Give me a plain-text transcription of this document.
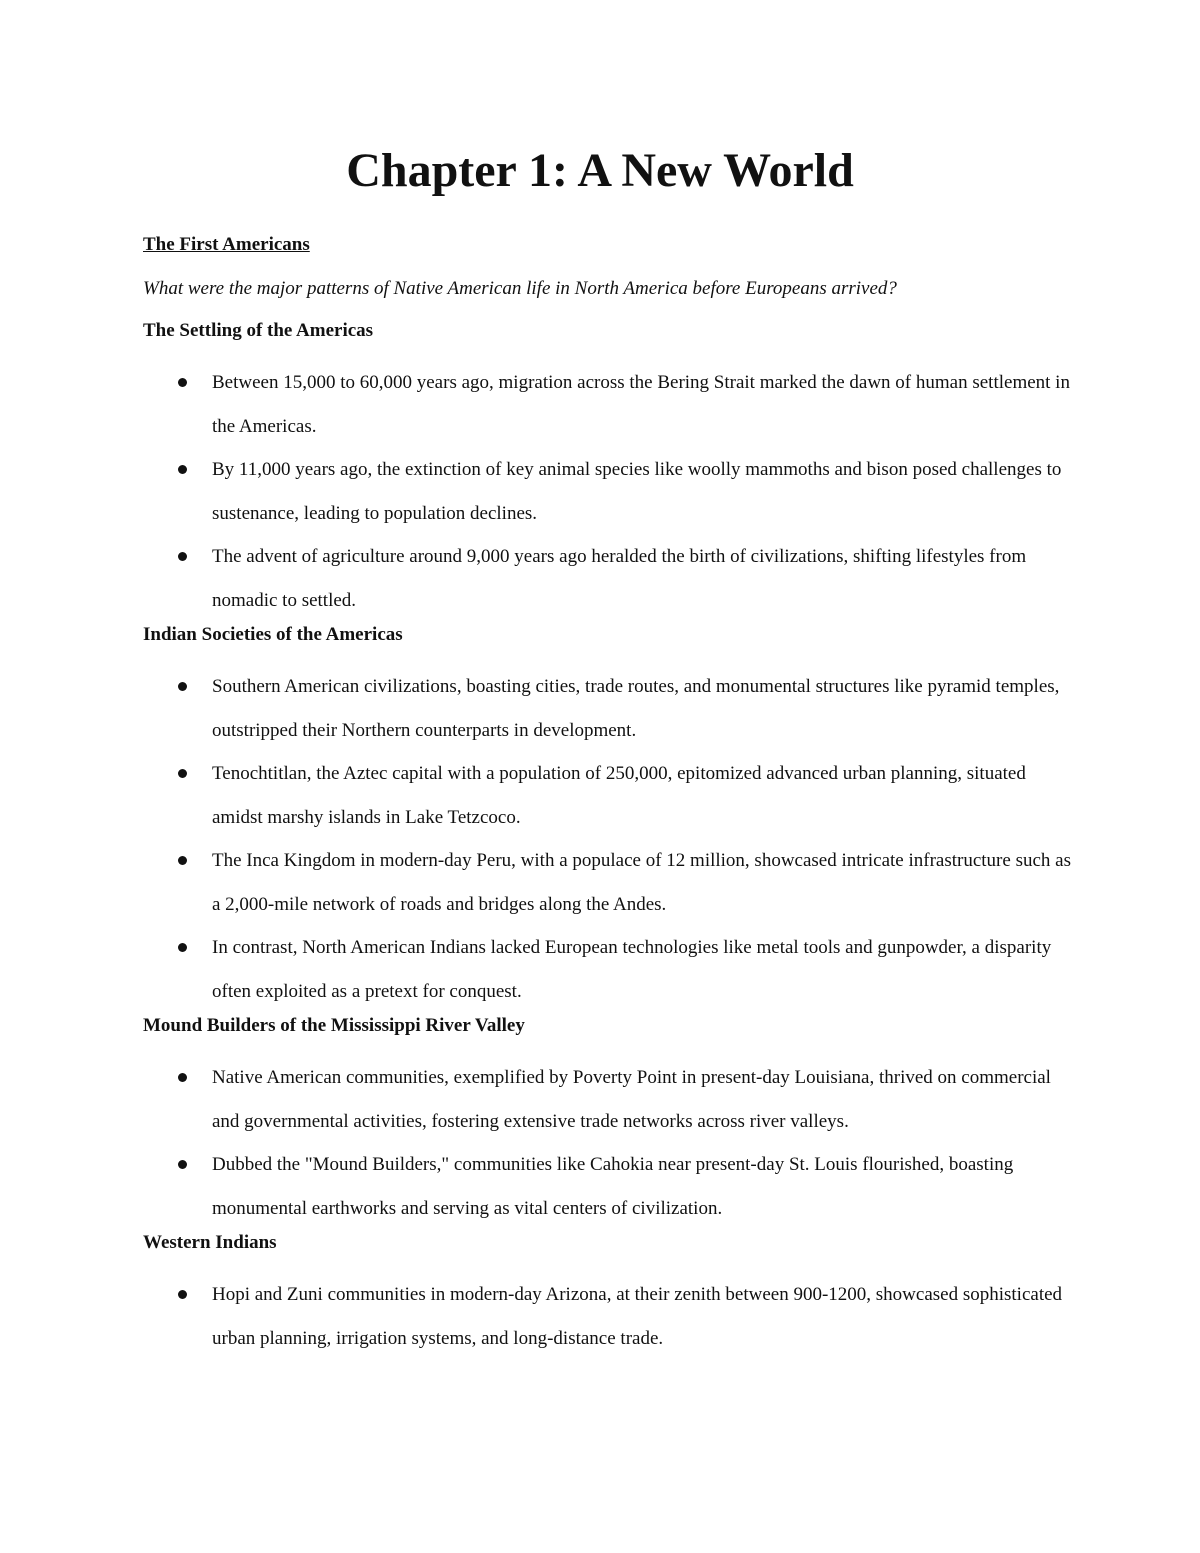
Chapter 1: A New World
The First Americans

What were the major patterns of Native American life in North America before Europeans arrived?

The Settling of the Americas
Between 15,000 to 60,000 years ago, migration across the Bering Strait marked the dawn of human settlement in the Americas.
By 11,000 years ago, the extinction of key animal species like woolly mammoths and bison posed challenges to sustenance, leading to population declines.
The advent of agriculture around 9,000 years ago heralded the birth of civilizations, shifting lifestyles from nomadic to settled.
Indian Societies of the Americas
Southern American civilizations, boasting cities, trade routes, and monumental structures like pyramid temples, outstripped their Northern counterparts in development.
Tenochtitlan, the Aztec capital with a population of 250,000, epitomized advanced urban planning, situated amidst marshy islands in Lake Tetzcoco.
The Inca Kingdom in modern-day Peru, with a populace of 12 million, showcased intricate infrastructure such as a 2,000-mile network of roads and bridges along the Andes.
In contrast, North American Indians lacked European technologies like metal tools and gunpowder, a disparity often exploited as a pretext for conquest.
Mound Builders of the Mississippi River Valley
Native American communities, exemplified by Poverty Point in present-day Louisiana, thrived on commercial and governmental activities, fostering extensive trade networks across river valleys.
Dubbed the "Mound Builders," communities like Cahokia near present-day St. Louis flourished, boasting monumental earthworks and serving as vital centers of civilization.
Western Indians
Hopi and Zuni communities in modern-day Arizona, at their zenith between 900-1200, showcased sophisticated urban planning, irrigation systems, and long-distance trade.
